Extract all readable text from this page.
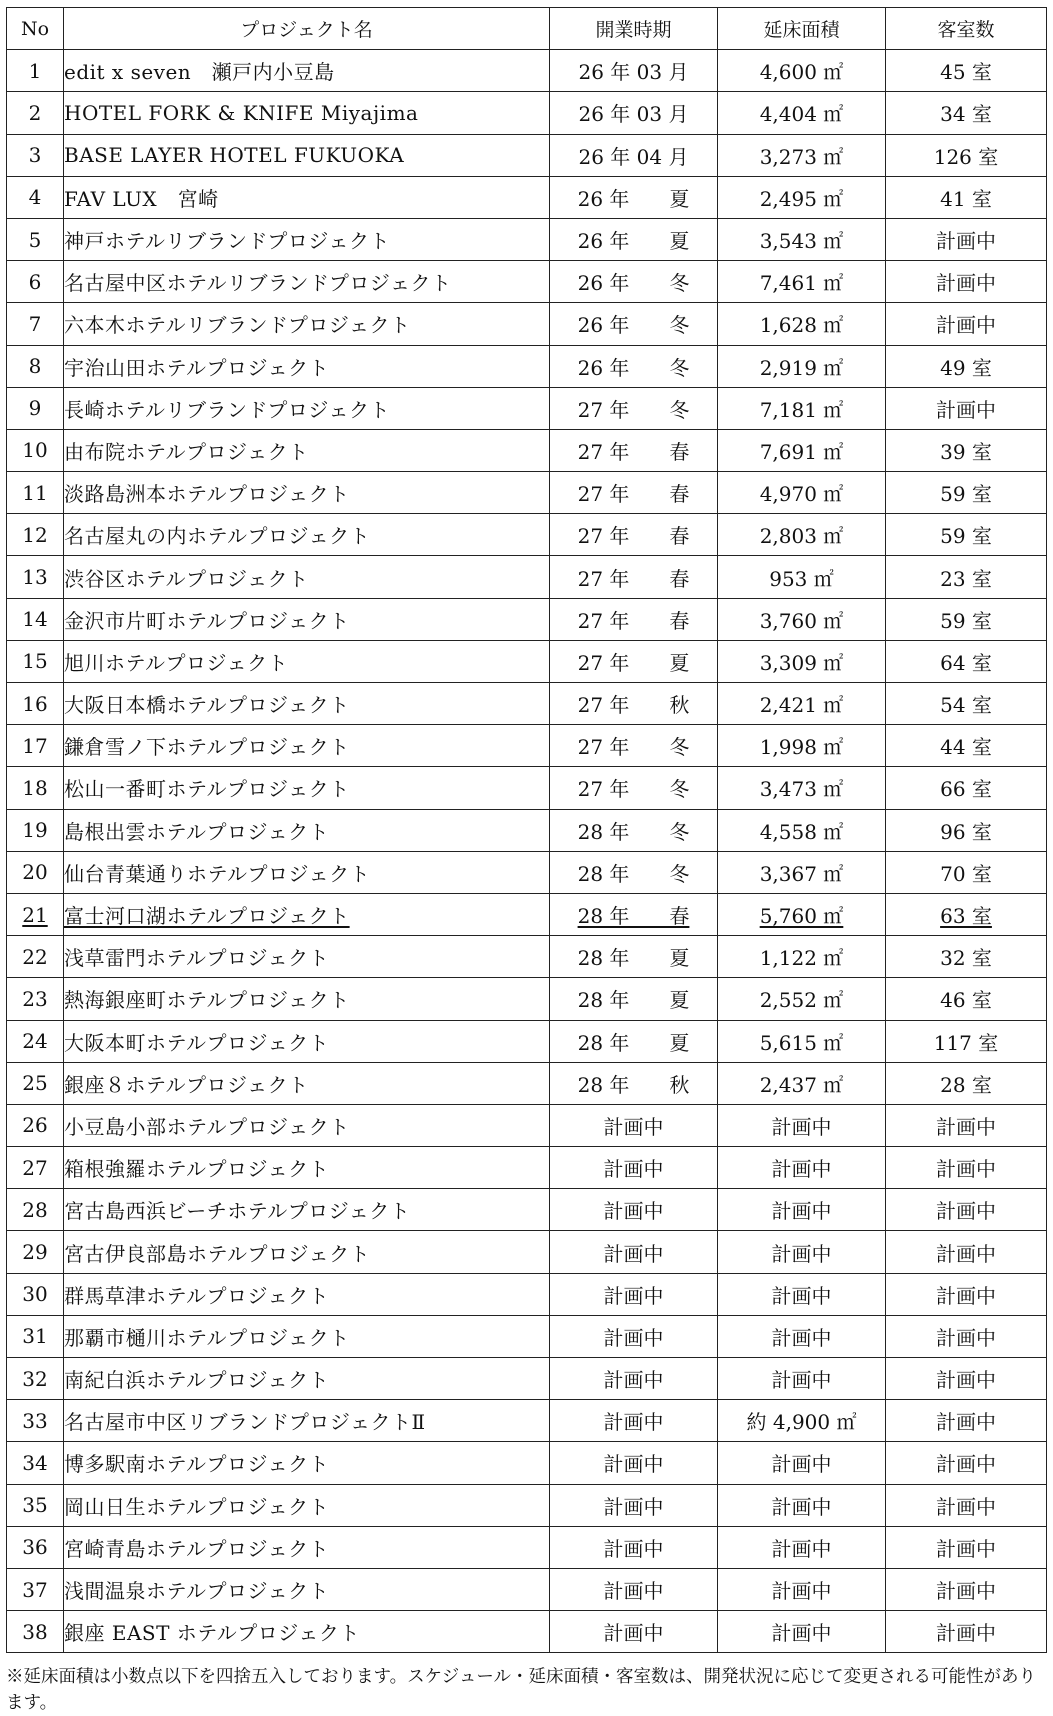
No	プロジェクト名	開業時期	延床面積	客室数
1	edit x seven　瀬戸内小豆島	26 年 03 月	4,600 ㎡	45 室
2	HOTEL FORK & KNIFE Miyajima	26 年 03 月	4,404 ㎡	34 室
3	BASE LAYER HOTEL FUKUOKA	26 年 04 月	3,273 ㎡	126 室
4	FAV LUX　宮崎	26 年　　夏	2,495 ㎡	41 室
5	神戸ホテルリブランドプロジェクト	26 年　　夏	3,543 ㎡	計画中
6	名古屋中区ホテルリブランドプロジェクト	26 年　　冬	7,461 ㎡	計画中
7	六本木ホテルリブランドプロジェクト	26 年　　冬	1,628 ㎡	計画中
8	宇治山田ホテルプロジェクト	26 年　　冬	2,919 ㎡	49 室
9	長崎ホテルリブランドプロジェクト	27 年　　冬	7,181 ㎡	計画中
10	由布院ホテルプロジェクト	27 年　　春	7,691 ㎡	39 室
11	淡路島洲本ホテルプロジェクト	27 年　　春	4,970 ㎡	59 室
12	名古屋丸の内ホテルプロジェクト	27 年　　春	2,803 ㎡	59 室
13	渋谷区ホテルプロジェクト	27 年　　春	953 ㎡	23 室
14	金沢市片町ホテルプロジェクト	27 年　　春	3,760 ㎡	59 室
15	旭川ホテルプロジェクト	27 年　　夏	3,309 ㎡	64 室
16	大阪日本橋ホテルプロジェクト	27 年　　秋	2,421 ㎡	54 室
17	鎌倉雪ノ下ホテルプロジェクト	27 年　　冬	1,998 ㎡	44 室
18	松山一番町ホテルプロジェクト	27 年　　冬	3,473 ㎡	66 室
19	島根出雲ホテルプロジェクト	28 年　　冬	4,558 ㎡	96 室
20	仙台青葉通りホテルプロジェクト	28 年　　冬	3,367 ㎡	70 室
21	富士河口湖ホテルプロジェクト	28 年　　春	5,760 ㎡	63 室
22	浅草雷門ホテルプロジェクト	28 年　　夏	1,122 ㎡	32 室
23	熱海銀座町ホテルプロジェクト	28 年　　夏	2,552 ㎡	46 室
24	大阪本町ホテルプロジェクト	28 年　　夏	5,615 ㎡	117 室
25	銀座８ホテルプロジェクト	28 年　　秋	2,437 ㎡	28 室
26	小豆島小部ホテルプロジェクト	計画中	計画中	計画中
27	箱根強羅ホテルプロジェクト	計画中	計画中	計画中
28	宮古島西浜ビーチホテルプロジェクト	計画中	計画中	計画中
29	宮古伊良部島ホテルプロジェクト	計画中	計画中	計画中
30	群馬草津ホテルプロジェクト	計画中	計画中	計画中
31	那覇市樋川ホテルプロジェクト	計画中	計画中	計画中
32	南紀白浜ホテルプロジェクト	計画中	計画中	計画中
33	名古屋市中区リブランドプロジェクトⅡ	計画中	約 4,900 ㎡	計画中
34	博多駅南ホテルプロジェクト	計画中	計画中	計画中
35	岡山日生ホテルプロジェクト	計画中	計画中	計画中
36	宮崎青島ホテルプロジェクト	計画中	計画中	計画中
37	浅間温泉ホテルプロジェクト	計画中	計画中	計画中
38	銀座 EAST ホテルプロジェクト	計画中	計画中	計画中
※延床面積は小数点以下を四捨五入しております。スケジュール・延床面積・客室数は、開発状況に応じて変更される可能性があります。
